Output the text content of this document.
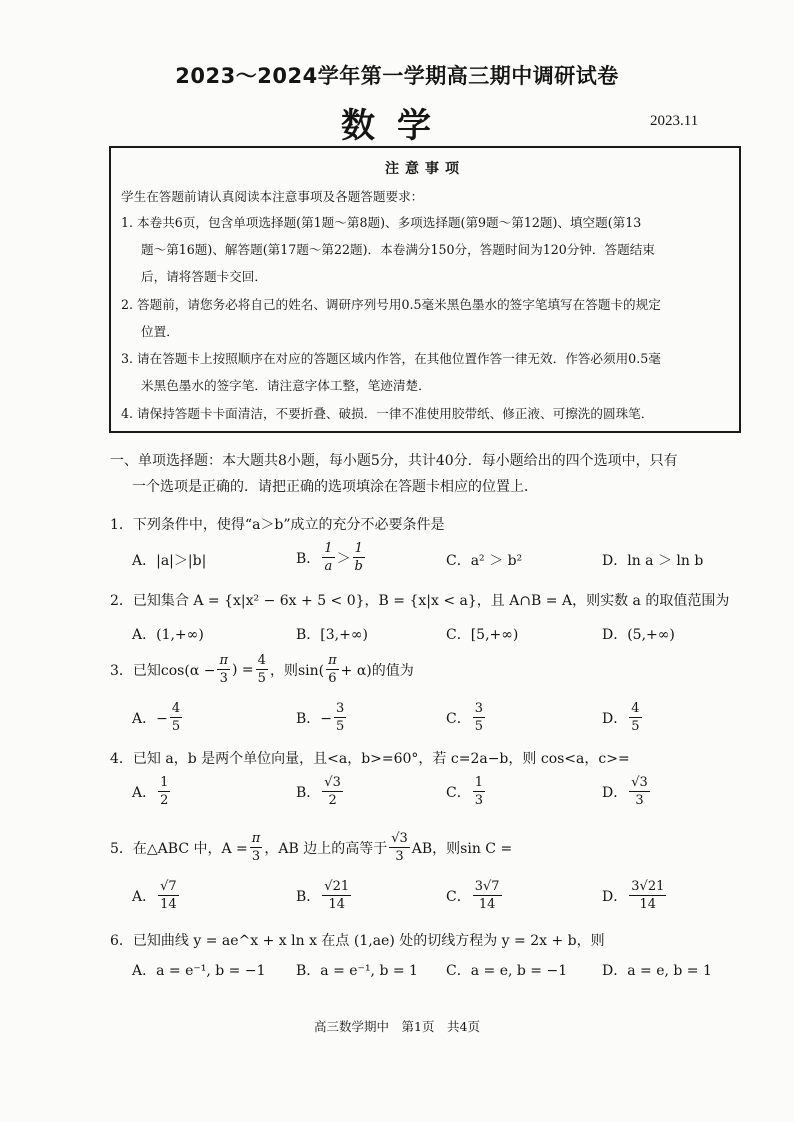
2023～2024学年第一学期高三期中调研试卷
数学	2023.11
注意事项
学生在答题前请认真阅读本注意事项及各题答题要求：
1. 本卷共6页，包含单项选择题(第1题～第8题)、多项选择题(第9题～第12题)、填空题(第13
题～第16题)、解答题(第17题～第22题)．本卷满分150分，答题时间为120分钟．答题结束
后，请将答题卡交回．
2. 答题前，请您务必将自己的姓名、调研序列号用0.5毫米黑色墨水的签字笔填写在答题卡的规定
位置．
3. 请在答题卡上按照顺序在对应的答题区域内作答，在其他位置作答一律无效．作答必须用0.5毫
米黑色墨水的签字笔．请注意字体工整，笔迹清楚．
4. 请保持答题卡卡面清洁，不要折叠、破损．一律不准使用胶带纸、修正液、可擦洗的圆珠笔．
一、单项选择题：本大题共8小题，每小题5分，共计40分．每小题给出的四个选项中，只有
一个选项是正确的．请把正确的选项填涂在答题卡相应的位置上．
1．下列条件中，使得“a＞b”成立的充分不必要条件是
A．|a|＞|b|	B． $\frac{1}{a} > \frac{1}{b}$	C．a² ＞ b²	D．ln a ＞ ln b
2．已知集合 A = {x|x² − 6x + 5 < 0}，B = {x|x < a}，且 A∩B = A，则实数 a 的取值范围为
A．(1,+∞)	B．[3,+∞)	C．[5,+∞)	D．(5,+∞)
3．已知$\cos(\alpha - \frac{\pi}{3}$ ) = $\frac{4}{5}$ ，则$\sin( \frac{\pi}{6} + \alpha)$的值为
A．− $\frac{4}{5}$	B．− $\frac{3}{5}$	C． $\frac{3}{5}$	D． $\frac{4}{5}$
4．已知 a，b 是两个单位向量，且<a，b>=60°，若 c=2a−b，则 cos<a，c>=
A． $\frac{1}{2}$	B． √ $\frac{3}{2}$	C． $\frac{1}{3}$	D． √ $\frac{3}{3}$
5．在△ABC 中，$A = \frac{\pi}{3}$ ，AB 边上的高等于 √ $\frac{3}{3}$ AB，则sin C =
A． √ $\frac{7}{14}$	B． √ $\frac{21}{14}$	C． $\frac{3 √ 7}{14}$	D． $\frac{3 √ 21}{14}$
6．已知曲线 y = ae^x + x ln x 在点 (1,ae) 处的切线方程为 y = 2x + b，则
A．a = e⁻¹, b = −1 B．a = e⁻¹, b = 1 C．a = e, b = −1 D．a = e, b = 1
高三数学期中　第1页　共4页
